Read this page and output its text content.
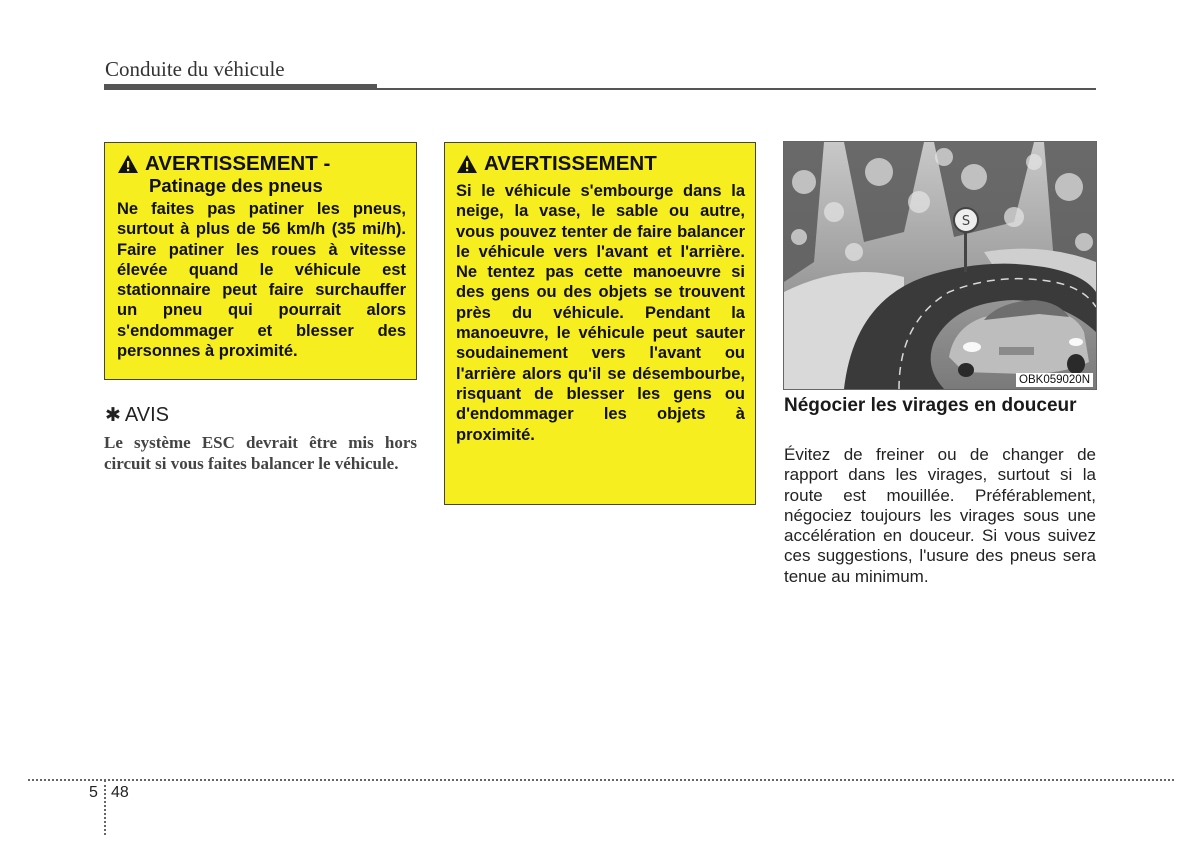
Conduite du véhicule
AVERTISSEMENT -
Patinage des pneus
Ne faites pas patiner les pneus, surtout à plus de 56 km/h (35 mi/h). Faire patiner les roues à vitesse élevée quand le véhicule est stationnaire peut faire surchauffer un pneu qui pourrait alors s'endommager et blesser des personnes à proximité.
✱ AVIS
Le système ESC devrait être mis hors circuit si vous faites balancer le véhicule.
AVERTISSEMENT
Si le véhicule s'embourge dans la neige, la vase, le sable ou autre, vous pouvez tenter de faire balancer le véhicule vers l'avant et l'arrière. Ne tentez pas cette manoeuvre si des gens ou des objets se trouvent près du véhicule. Pendant la manoeuvre, le véhicule peut sauter soudainement vers l'avant ou l'arrière alors qu'il se désembourbe, risquant de blesser les gens ou d'endommager les objets à proximité.
S
OBK059020N
Négocier les virages en douceur
Évitez de freiner ou de changer de rapport dans les virages, surtout si la route est mouillée. Préférablement, négociez toujours les virages sous une accélération en douceur. Si vous suivez ces suggestions, l'usure des pneus sera tenue au minimum.
5 48
